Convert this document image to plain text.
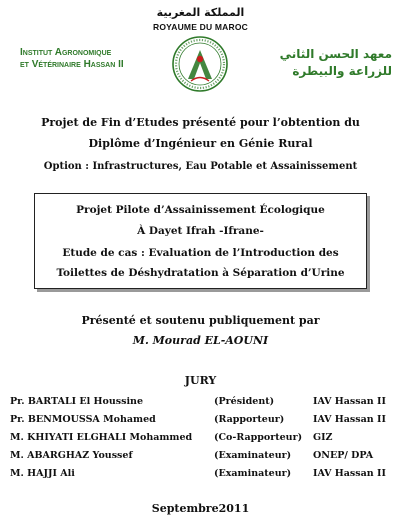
المملكة المغربية
ROYAUME DU MAROC
Institut Agronomique
et Vétérinaire Hassan II
معهد الحسن الثاني
للزراعة والبيطرة
Projet de Fin d’Etudes présenté pour l’obtention du
Diplôme d’Ingénieur en Génie Rural
Option : Infrastructures, Eau Potable et Assainissement
Projet Pilote d’Assainissement Écologique
À Dayet Ifrah -Ifrane-
Etude de cas : Evaluation de l’Introduction des
Toilettes de Déshydratation à Séparation d’Urine
Présenté et soutenu publiquement par
M. Mourad EL-AOUNI
JURY
Pr. BARTALI El Houssine	(Président)	IAV Hassan II
Pr. BENMOUSSA Mohamed	(Rapporteur)	IAV Hassan II
M. KHIYATI ELGHALI Mohammed (Co-Rapporteur) GIZ
M. ABARGHAZ Youssef	(Examinateur) ONEP/ DPA
M. HAJJI Ali	(Examinateur) IAV Hassan II
Septembre2011
